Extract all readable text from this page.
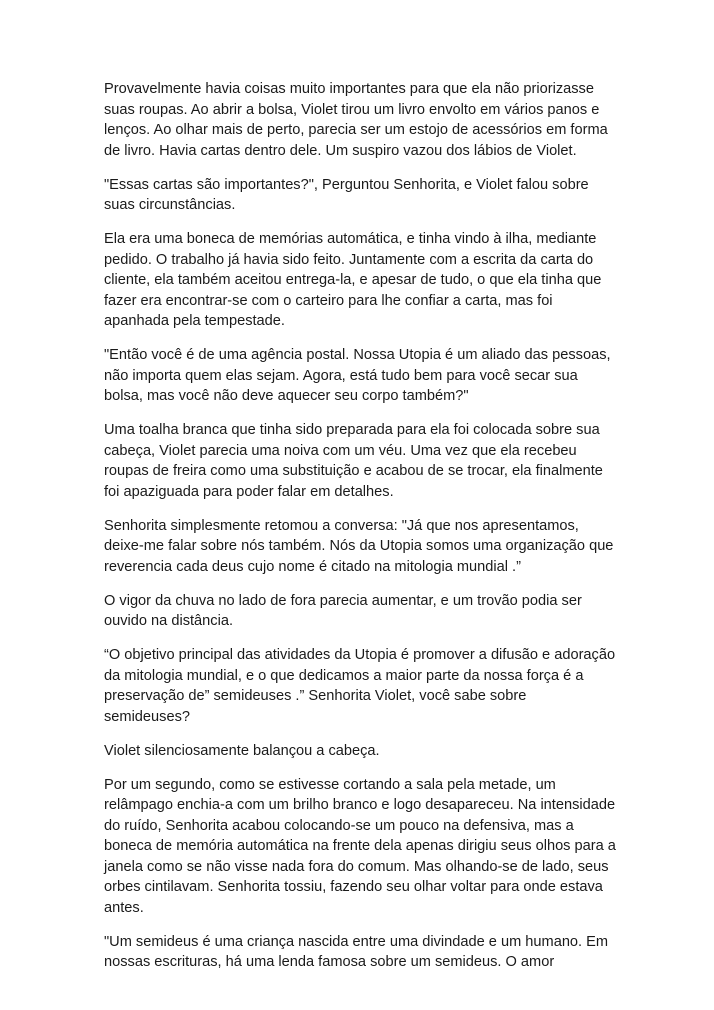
Provavelmente havia coisas muito importantes para que ela não priorizasse suas roupas. Ao abrir a bolsa, Violet tirou um livro envolto em vários panos e lenços. Ao olhar mais de perto, parecia ser um estojo de acessórios em forma de livro. Havia cartas dentro dele. Um suspiro vazou dos lábios de Violet.

"Essas cartas são importantes?", Perguntou Senhorita, e Violet falou sobre suas circunstâncias.

Ela era uma boneca de memórias automática, e tinha vindo à ilha, mediante pedido. O trabalho já havia sido feito. Juntamente com a escrita da carta do cliente, ela também aceitou entrega-la, e apesar de tudo, o que ela tinha que fazer era encontrar-se com o carteiro para lhe confiar a carta, mas foi apanhada pela tempestade.

"Então você é de uma agência postal. Nossa Utopia é um aliado das pessoas, não importa quem elas sejam. Agora, está tudo bem para você secar sua bolsa, mas você não deve aquecer seu corpo também?"

Uma toalha branca que tinha sido preparada para ela foi colocada sobre sua cabeça, Violet parecia uma noiva com um véu. Uma vez que ela recebeu roupas de freira como uma substituição e acabou de se trocar, ela finalmente foi apaziguada para poder falar em detalhes.

Senhorita simplesmente retomou a conversa: "Já que nos apresentamos, deixe-me falar sobre nós também. Nós da Utopia somos uma organização que reverencia cada deus cujo nome é citado na mitologia mundial .”

O vigor da chuva no lado de fora parecia aumentar, e um trovão podia ser ouvido na distância.

“O objetivo principal das atividades da Utopia é promover a difusão e adoração da mitologia mundial, e o que dedicamos a maior parte da nossa força é a preservação de” semideuses .” Senhorita Violet, você sabe sobre semideuses?

Violet silenciosamente balançou a cabeça.

Por um segundo, como se estivesse cortando a sala pela metade, um relâmpago enchia-a com um brilho branco e logo desapareceu. Na intensidade do ruído, Senhorita acabou colocando-se um pouco na defensiva, mas a boneca de memória automática na frente dela apenas dirigiu seus olhos para a janela como se não visse nada fora do comum. Mas olhando-se de lado, seus orbes cintilavam. Senhorita tossiu, fazendo seu olhar voltar para onde estava antes.

"Um semideus é uma criança nascida entre uma divindade e um humano. Em nossas escrituras, há uma lenda famosa sobre um semideus. O amor
